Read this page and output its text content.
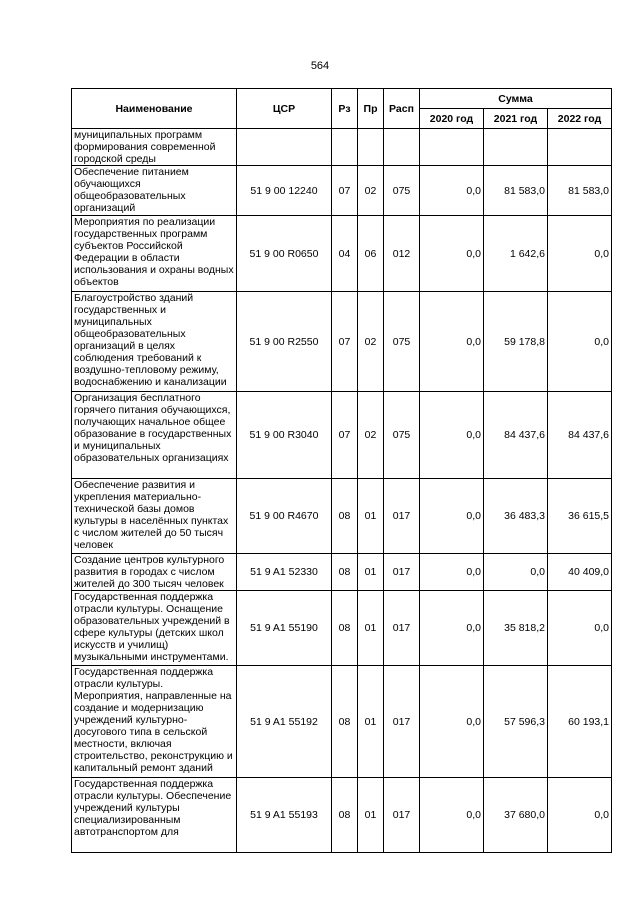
564
Наименование	ЦСР	Рз	Пр	Расп	Сумма		
					2020 год	2021 год	2022 год
муниципальных программ формирования современной городской среды							
Обеспечение питанием обучающихся общеобразовательных организаций	51 9 00 12240	07	02	075	0,0	81 583,0	81 583,0
Мероприятия по реализации государственных программ субъектов Российской Федерации в области использования и охраны водных объектов	51 9 00 R0650	04	06	012	0,0	1 642,6	0,0
Благоустройство зданий государственных и муниципальных общеобразовательных организаций в целях соблюдения требований к воздушно-тепловому режиму, водоснабжению и канализации	51 9 00 R2550	07	02	075	0,0	59 178,8	0,0
Организация бесплатного горячего питания обучающихся, получающих начальное общее образование в государственных и муниципальных образовательных организациях	51 9 00 R3040	07	02	075	0,0	84 437,6	84 437,6
Обеспечение развития и укрепления материально-технической базы домов культуры в населённых пунктах с числом жителей до 50 тысяч человек	51 9 00 R4670	08	01	017	0,0	36 483,3	36 615,5
Создание центров культурного развития в городах с числом жителей до 300 тысяч человек	51 9 A1 52330	08	01	017	0,0	0,0	40 409,0
Государственная поддержка отрасли культуры. Оснащение образовательных учреждений в сфере культуры (детских школ искусств и училищ) музыкальными инструментами.	51 9 A1 55190	08	01	017	0,0	35 818,2	0,0
Государственная поддержка отрасли культуры. Мероприятия, направленные на создание и модернизацию учреждений культурно-досугового типа в сельской местности, включая строительство, реконструкцию и капитальный ремонт зданий	51 9 A1 55192	08	01	017	0,0	57 596,3	60 193,1
Государственная поддержка отрасли культуры. Обеспечение учреждений культуры специализированным автотранспортом для	51 9 A1 55193	08	01	017	0,0	37 680,0	0,0
